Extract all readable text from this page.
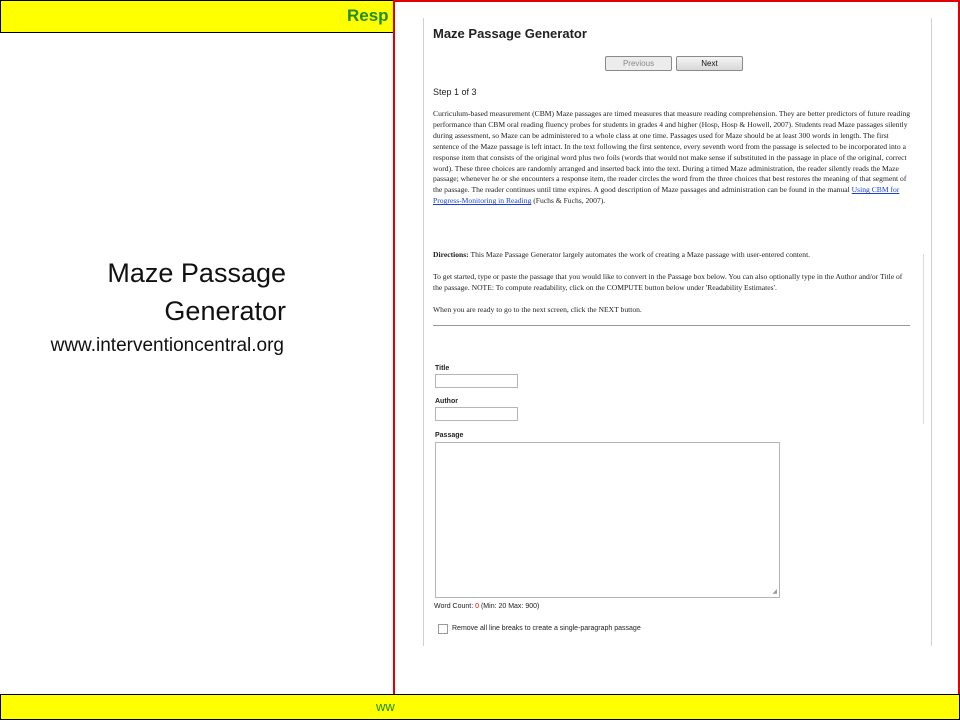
Resp
Maze Passage
Generator
www.interventioncentral.org
Maze Passage Generator
Previous	Next
Step 1 of 3

Curriculum-based measurement (CBM) Maze passages are timed measures that measure reading comprehension. They are better predictors of future reading performance than CBM oral reading fluency probes for students in grades 4 and higher (Hosp, Hosp & Howell, 2007). Students read Maze passages silently during assessment, so Maze can be administered to a whole class at one time. Passages used for Maze should be at least 300 words in length. The first sentence of the Maze passage is left intact. In the text following the first sentence, every seventh word from the passage is selected to be incorporated into a response item that consists of the original word plus two foils (words that would not make sense if substituted in the passage in place of the original, correct word). These three choices are randomly arranged and inserted back into the text. During a timed Maze administration, the reader silently reads the Maze passage; whenever he or she encounters a response item, the reader circles the word from the three choices that best restores the meaning of that segment of the passage. The reader continues until time expires. A good description of Maze passages and administration can be found in the manual Using CBM for Progress-Monitoring in Reading (Fuchs & Fuchs, 2007).

Directions: This Maze Passage Generator largely automates the work of creating a Maze passage with user-entered content.

To get started, type or paste the passage that you would like to convert in the Passage box below. You can also optionally type in the Author and/or Title of the passage. NOTE: To compute readability, click on the COMPUTE button below under 'Readability Estimates'.

When you are ready to go to the next screen, click the NEXT button.

Title
Author
Passage
◢
Word Count: 0 (Min: 20 Max: 900)
Remove all line breaks to create a single-paragraph passage
ww
